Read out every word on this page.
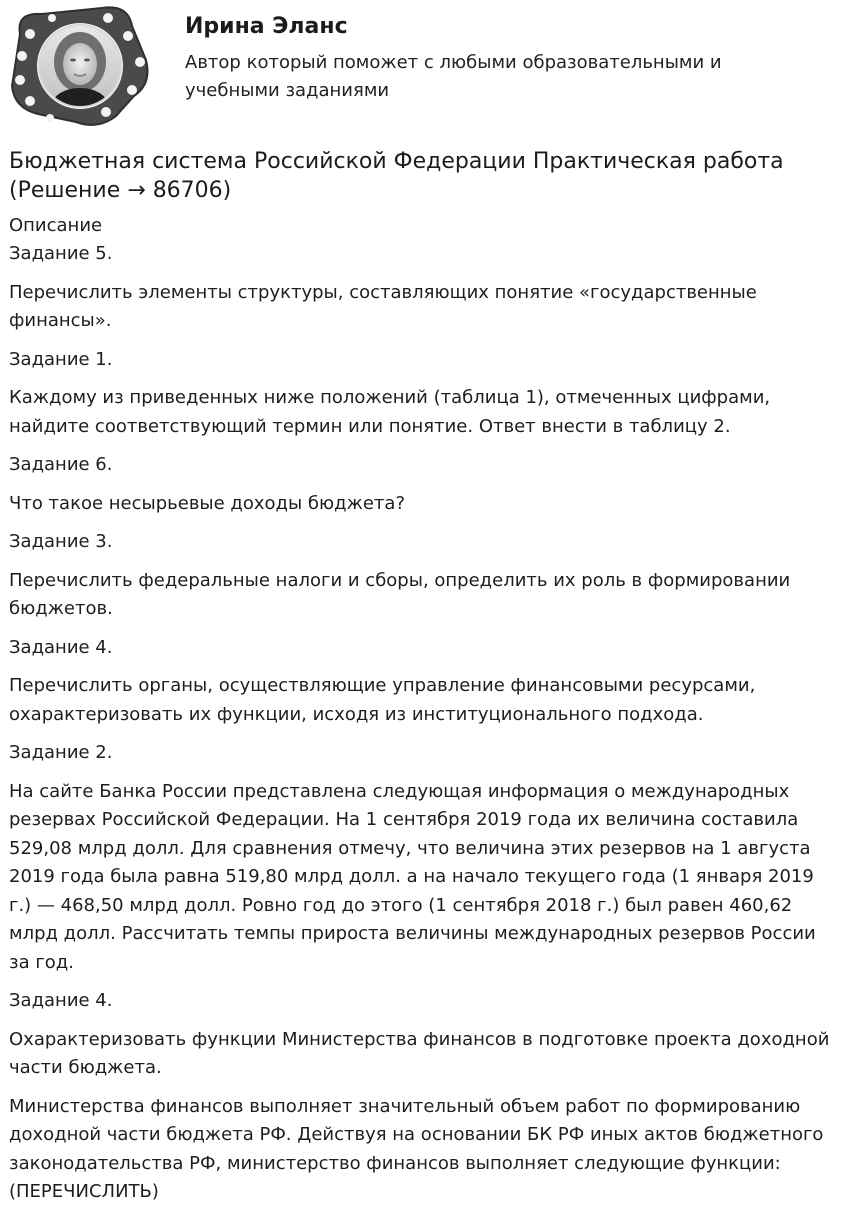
Ирина Эланс

Автор который поможет с любыми образовательными и учебными заданиями

Бюджетная система Российской Федерации Практическая работа (Решение → 86706)

Описание

Задание 5.

Перечислить элементы структуры, составляющих понятие «государственные финансы».

Задание 1.

Каждому из приведенных ниже положений (таблица 1), отмеченных цифрами, найдите соответствующий термин или понятие. Ответ внести в таблицу 2.

Задание 6.

Что такое несырьевые доходы бюджета?

Задание 3.

Перечислить федеральные налоги и сборы, определить их роль в формировании бюджетов.

Задание 4.

Перечислить органы, осуществляющие управление финансовыми ресурсами, охарактеризовать их функции, исходя из институционального подхода.

Задание 2.

На сайте Банка России представлена следующая информация о международных резервах Российской Федерации. На 1 сентября 2019 года их величина составила 529,08 млрд долл. Для сравнения отмечу, что величина этих резервов на 1 августа 2019 года была равна 519,80 млрд долл. а на начало текущего года (1 января 2019 г.) — 468,50 млрд долл. Ровно год до этого (1 сентября 2018 г.) был равен 460,62 млрд долл. Рассчитать темпы прироста величины международных резервов России за год.

Задание 4.

Охарактеризовать функции Министерства финансов в подготовке проекта доходной части бюджета.

Министерства финансов выполняет значительный объем работ по формированию доходной части бюджета РФ. Действуя на основании БК РФ иных актов бюджетного законодательства РФ, министерство финансов выполняет следующие функции: (ПЕРЕЧИСЛИТЬ)
